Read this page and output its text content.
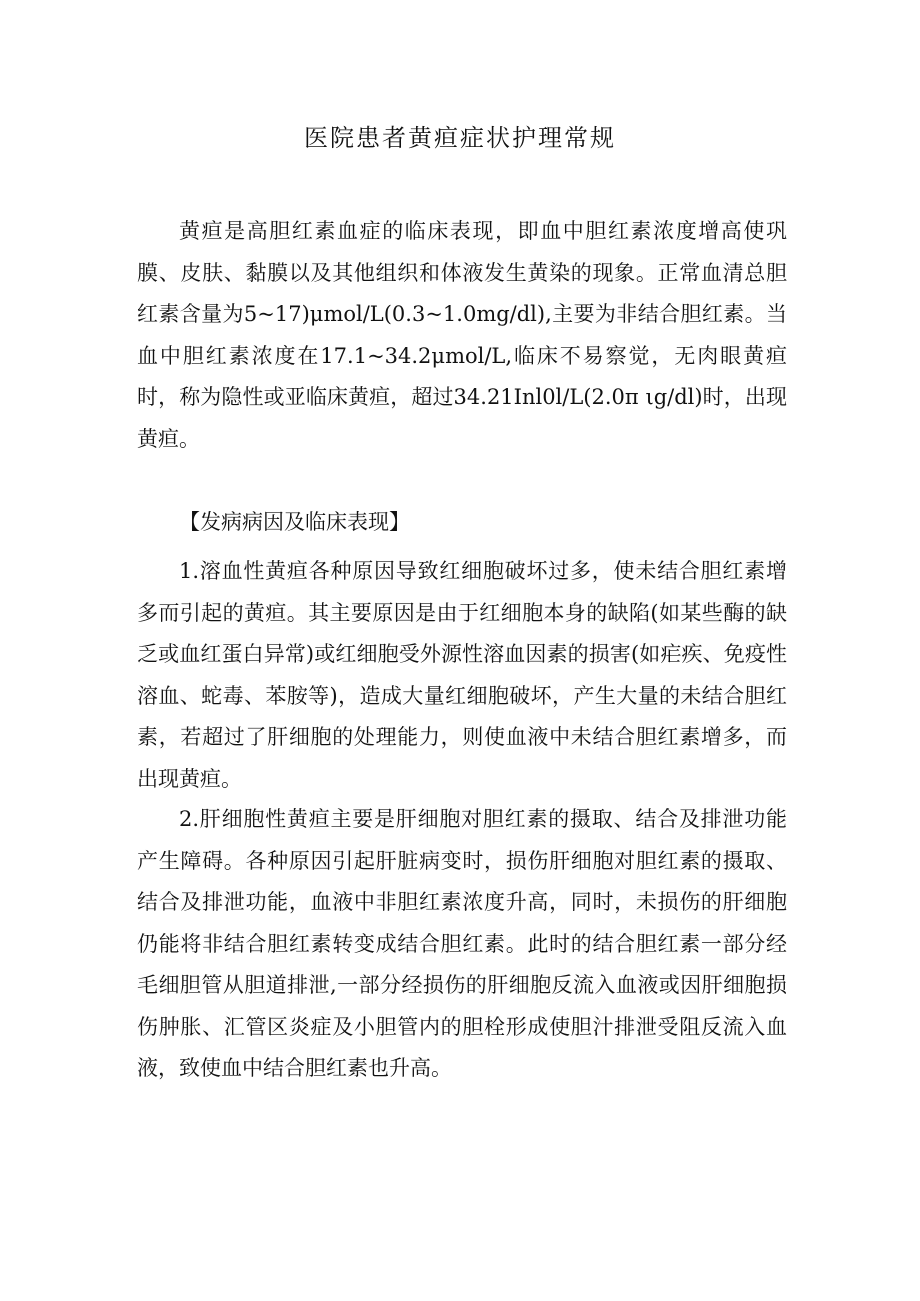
医院患者黄疸症状护理常规

黄疸是高胆红素血症的临床表现，即血中胆红素浓度增高使巩膜、皮肤、黏膜以及其他组织和体液发生黄染的现象。正常血清总胆红素含量为5~17)μmol/L(0.3~1.0mg/dl),主要为非结合胆红素。当血中胆红素浓度在17.1~34.2μmol/L,临床不易察觉，无肉眼黄疸时，称为隐性或亚临床黄疸，超过34.21Inl0l/L(2.0π ιg/dl)时，出现黄疸。

【发病病因及临床表现】

1.溶血性黄疸各种原因导致红细胞破坏过多，使未结合胆红素增多而引起的黄疸。其主要原因是由于红细胞本身的缺陷(如某些酶的缺乏或血红蛋白异常)或红细胞受外源性溶血因素的损害(如疟疾、免疫性溶血、蛇毒、苯胺等)，造成大量红细胞破坏，产生大量的未结合胆红素，若超过了肝细胞的处理能力，则使血液中未结合胆红素增多，而出现黄疸。

2.肝细胞性黄疸主要是肝细胞对胆红素的摄取、结合及排泄功能产生障碍。各种原因引起肝脏病变时，损伤肝细胞对胆红素的摄取、结合及排泄功能，血液中非胆红素浓度升高，同时，未损伤的肝细胞仍能将非结合胆红素转变成结合胆红素。此时的结合胆红素一部分经毛细胆管从胆道排泄,一部分经损伤的肝细胞反流入血液或因肝细胞损伤肿胀、汇管区炎症及小胆管内的胆栓形成使胆汁排泄受阻反流入血液，致使血中结合胆红素也升高。
